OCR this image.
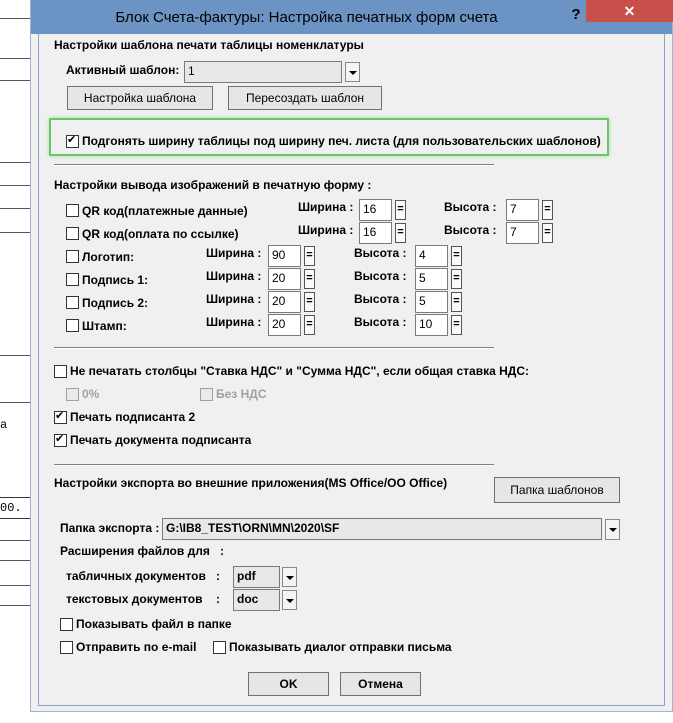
a
00.
Блок Счета-фактуры: Настройка печатных форм счета	?	✕
Настройки шаблона печати таблицы номенклатуры
Активный шаблон: 1
Настройка шаблона	Пересоздать шаблон
✔
Подгонять ширину таблицы под ширину печ. листа (для пользовательских шаблонов)
Настройки вывода изображений в печатную форму :
QR код(платежные данные)	Ширина : 16	=	Высота :	7	=
QR код(оплата по ссылке)	Ширина : 16	=	Высота :	7	=
Логотип:	Ширина : 90	=	Высота :	4	=
Подпись 1:	Ширина : 20	=	Высота :	5	=
Подпись 2:	Ширина : 20	=	Высота :	5	=
Штамп:	Ширина : 20	=	Высота :	10	=
Не печатать столбцы "Ставка НДС" и "Сумма НДС", если общая ставка НДС:
0%	Без НДС
✔
Печать подписанта 2
✔
Печать документа подписанта
Настройки экспорта во внешние приложения(MS Office/OO Office)	Папка шаблонов
Папка экспорта : G:\IB8_TEST\ORN\MN\2020\SF
Расширения файлов для :
табличных документов :	pdf
текстовых документов :	doc
Показывать файл в папке
Отправить по e-mail	Показывать диалог отправки письма
OK	Отмена
